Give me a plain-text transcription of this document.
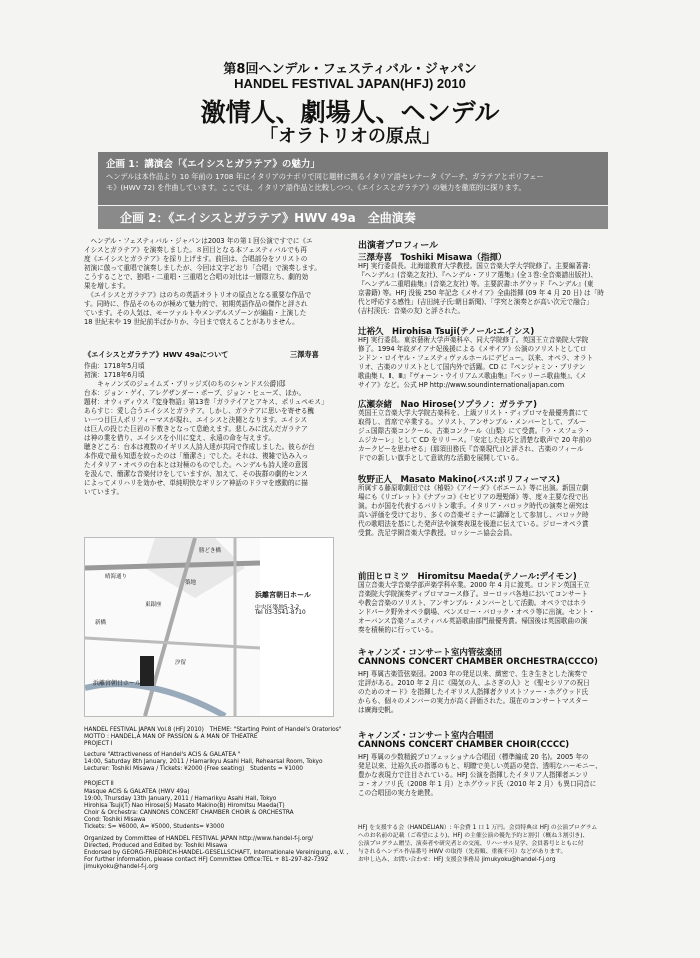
第8回ヘンデル・フェスティバル・ジャパン
HANDEL FESTIVAL JAPAN(HFJ) 2010
激情人、劇場人、ヘンデル
「オラトリオの原点」
企画 1：講演会「《エイシスとガラテア》の魅力」
ヘンデルは本作品より 10 年前の 1708 年にイタリアのナポリで同じ題材に拠るイタリア語セレナータ《アーチ、ガラテアとポリフェー
モ》(HWV 72) を作曲しています。ここでは、イタリア語作品と比較しつつ、《エイシスとガラテア》の魅力を徹底的に探ります。
企画 2：《エイシスとガラテア》HWV 49a　全曲演奏
　ヘンデル・フェスティバル・ジャパンは2003 年の第１回公演ですでに《エ
イシスとガラテア》を演奏しました。８回目となる本フェスティバルでも再
度《エイシスとガラテア》を採り上げます。前回は、合唱部分をソリストの
初演に倣って重唱で演奏しましたが、今回は文字どおり「合唱」で演奏します。
こうすることで、独唱・二重唱・三重唱と合唱の対比は一層際立ち、劇的効
果を増します。
　《エイシスとガラテア》はのちの英語オラトリオの原点となる重要な作品で
す。同時に、作品そのものが極めて魅力的で、初期英語作品の傑作と評され
ています。その人気は、モーツァルトやメンデルスゾーンが編曲・上演した
18 世紀末や 19 世紀前半ばかりか、今日まで衰えることがありません。
《エイシスとガラテア》HWV 49aについて	三澤寿喜
作曲：1718年5月頃
初演：1718年6月頃
　　キャノンズのジェイムズ・ブリッジズ(のちのシャンドス公爵)邸
台本：ジョン・ゲイ、アレグザンダー・ポープ、ジョン・ヒューズ、ほか。
題材：オウィディウス『変身物語』第13巻「ガラテイアとアキス、ポリュペモス」
あらすじ：愛し合うエイシスとガラテア。しかし、ガラテアに思いを寄せる醜
い一つ目巨人ポリフィーマスが現れ、エイシスと決闘となります。エイシス
は巨人の投じた巨岩の下敷きとなって息絶えます。悲しみに沈んだガラテア
は神の業を借り、エイシスを小川に変え、永遠の命を与えます。
聴きどころ：台本は複数のイギリス人詩人達が共同で作成しました。彼らが台
本作成で最も知恵を絞ったのは「簡潔さ」でした。それは、複雑で込み入っ
たイタリア・オペラの台本とは対極のものでした。ヘンデルも詩人達の意図
を汲んで、簡潔な音楽付けをしていますが、加えて、その抜群の劇的センス
によってメリハリを効かせ、単純明快なギリシア神話のドラマを感動的に描
いています。
浜離宮朝日ホール
浜離宮朝日ホール
中央区築地5-3-2
Tel 03-3541-8710
勝どき橋
晴海通り
築地
東銀座
新橋
汐留
HANDEL FESTIVAL JAPAN Vol.8 (HFJ 2010)　THEME: "Starting Point of Handel's Oratorios"
MOTTO : HANDEL,A MAN OF PASSION & A MAN OF THEATRE
PROJECT Ⅰ
Lecture "Attractiveness of Handel's ACIS & GALATEA "
14:00, Saturday 8th January, 2011 / Hamarikyu Asahi Hall, Rehearsal Room, Tokyo
Lecturer: Toshiki Misawa / Tickets: ¥2000 (Free seating)　Students = ¥1000
PROJECT Ⅱ
Masque ACIS & GALATEA (HWV 49a)
19:00, Thursday 13th January, 2011 / Hamarikyu Asahi Hall, Tokyo
Hirohisa Tsuji(T) Nao Hirose(S) Masato Makino(B) Hiromitsu Maeda(T)
Choir & Orchestra: CANNONS CONCERT CHAMBER CHOIR & ORCHESTRA
Cond: Toshiki Misawa
Tickets: S= ¥6000, A= ¥5000, Students= ¥3000
Organized by Committee of HANDEL FESTIVAL JAPAN http://www.handel-f-j.org/
Directed, Produced and Edited by: Toshiki Misawa
Endorsed by GEORG-FRIEDRICH-HANDEL-GESELLSCHAFT, Internationale Vereinigung, e.V. ,
For further information, please contact HFJ Committee Office:TEL + 81-297-82-7392
jimukyoku@handel-f-j.org
出演者プロフィール
三澤寿喜　Toshiki Misawa（指揮）
HFJ 実行委員長。北海道教育大学教授。国立音楽大学大学院修了。主要編著書:
『ヘンデル』(音楽之友社)、『ヘンデル・アリア選集』(全３巻:全音楽譜出版社)、
『ヘンデル二重唱曲集』(音楽之友社) 等。主要訳書:ホグウッド『ヘンデル』(東
京書籍) 等。HFJ 没後 250 年記念《メサイア》全曲指揮 (09 年 4 月 20 日) は「時
代と呼応する感性」(吉田純子氏:朝日新聞)、「学究と演奏とが高い次元で融合」
(吉村渓氏：音楽の友) と評された。
辻裕久　Hirohisa Tsuji(テノール:エイシス)
HFJ 実行委員。東京藝術大学声楽科卒、同大学院修了。英国王立音楽院大学院
修了。1994 年故ダイアナ妃後援による《メサイア》公演のソリストとしてロ
ンドン・ロイヤル・フェスティヴァルホールにデビュー。以来、オペラ、オラト
リオ、古楽のソリストとして国内外で活躍。CD に『ペンジャミン・ブリテン
歌曲集 Ⅰ、Ⅱ、Ⅲ』『ヴォーン・ウイリアムス歌曲集』『ベッリーニ歌曲集』、《メ
サイア》など。公式 HP http://www.soundinternationaljapan.com
広瀬奈緒　Nao Hirose(ソプラノ：ガラテア)
英国王立音楽大学大学院古楽科を、上級ソリスト・ディプロマを最優秀賞にて
取得し、首席で卒業する。ソリスト、アンサンブル・メンバーとして、ブルー
ジュ国際古楽コンクール、古楽コンクール〈山梨〉にて受賞。「ラ・スフェラ・
ムジカーレ」として CD をリリース。「安定した技巧と清楚な歌声で 20 年前の
カークビーを思わせる」(那須田務氏『音楽現代』)と評され、古楽のフィール
ドでの新しい旗手として意欲的な活動を展開している。
牧野正人　Masato Makino(バス:ポリフィーマス)
所属する藤原歌劇団では《椿姫》《アイーダ》《ボエーム》等に出演。新国立劇
場にも《リゴレット》《ナブッコ》《セビリアの理髪師》等、度々主要な役で出
演。わが国を代表するバリトン歌手。イタリア・バロック時代の演奏と研究は
高い評価を受けており、多くの音楽ゼミナーに講師として参加し、バロック時
代の歌唱法を基にした発声法や演奏表現を後進に伝えている。ジローオペラ賞
受賞。洗足学園音楽大学教授。ロッシーニ協会会員。
前田ヒロミツ　Hiromitsu Maeda(テノール:デイモン)
国立音楽大学音楽学部声楽学科卒業。2000 年 4 月に渡英。ロンドン英国王立
音楽院大学院演奏ディプロマコース修了。ヨーロッパ各地においてコンサート
や教会音楽のソリスト、アンサンブル・メンバーとして活動。オペラではホラ
ンドパーク野外オペラ劇場、ベンスロー・バロック・オペラ等に出演。セント・
オーバンス音楽フェスティバル英語歌曲部門最優秀賞。帰国後は英国歌曲の演
奏を積極的に行っている。
キャノンズ・コンサート室内管弦楽団
CANNONS CONCERT CHAMBER ORCHESTRA(CCCO)
HFJ 専属古楽管弦楽団。2003 年の発足以来、緻密で、生き生きとした演奏で
定評がある。2010 年 2 月に《陽気の人、ふさぎの人》と《聖セシリアの祝日
のためのオード》を指揮したイギリス人指揮者クリストファー・ホグウッド氏
からも、個々のメンバーの実力が高く評価された。現在のコンサートマスター
は廣海史帆。
キャノンズ・コンサート室内合唱団
CANNONS CONCERT CHAMBER CHOIR(CCCC)
HFJ 専属の少数精鋭プロフェッショナル合唱団（標準編成 20 名)。2005 年の
発足以来、辻裕久氏の指導のもと、明瞭で美しい英語の発音、透明なハーモニー、
豊かな表現力で注目されている。HFJ 公演を指揮したイタリア人指揮者エンリ
コ・オノフリ氏（2008 年 1 月）とホグウッド氏（2010 年 2 月）も異口同音に
この合唱団の実力を絶賛。
HFJ を支援する会（HANDELIAN）: 年会費 1 口 1 万円。会員特典は HFJ の公演プログラム
へのお名前の記載（ご希望により)、HFJ の主催公演の優先予約と割引（概ね３割引き)、
公演プログラム贈呈、演奏者や研究者との交流、リハーサル見学、会員番号とともに付
与されるヘンデル作品番号 HWV の取得（先着順、重複不可）などがあります。
お申し込み、お問い合わせ：HFJ 支援会事務局 jimukyoku@handel-f-j.org
